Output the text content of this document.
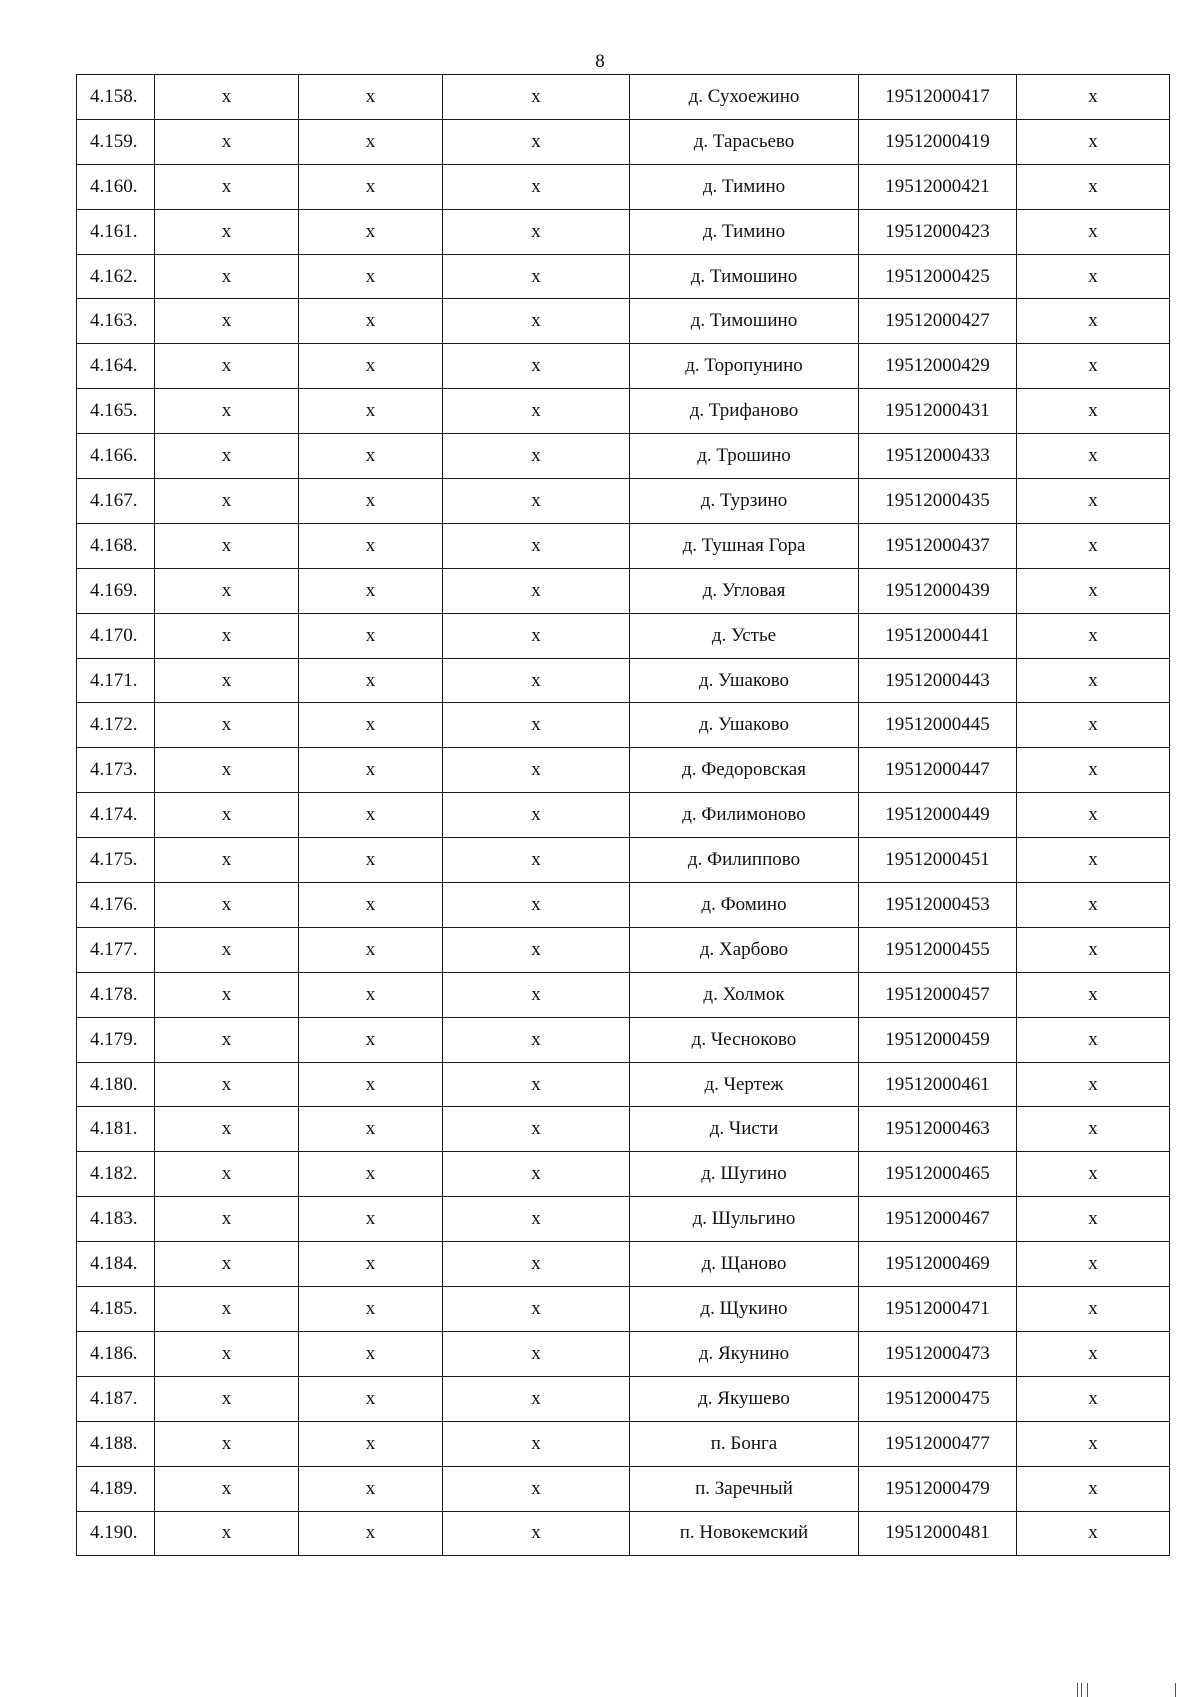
8
4.158.	х	х	х	д. Сухоежино	19512000417	х
4.159.	х	х	х	д. Тарасьево	19512000419	х
4.160.	х	х	х	д. Тимино	19512000421	х
4.161.	х	х	х	д. Тимино	19512000423	х
4.162.	х	х	х	д. Тимошино	19512000425	х
4.163.	х	х	х	д. Тимошино	19512000427	х
4.164.	х	х	х	д. Торопунино	19512000429	х
4.165.	х	х	х	д. Трифаново	19512000431	х
4.166.	х	х	х	д. Трошино	19512000433	х
4.167.	х	х	х	д. Турзино	19512000435	х
4.168.	х	х	х	д. Тушная Гора	19512000437	х
4.169.	х	х	х	д. Угловая	19512000439	х
4.170.	х	х	х	д. Устье	19512000441	х
4.171.	х	х	х	д. Ушаково	19512000443	х
4.172.	х	х	х	д. Ушаково	19512000445	х
4.173.	х	х	х	д. Федоровская	19512000447	х
4.174.	х	х	х	д. Филимоново	19512000449	х
4.175.	х	х	х	д. Филиппово	19512000451	х
4.176.	х	х	х	д. Фомино	19512000453	х
4.177.	х	х	х	д. Харбово	19512000455	х
4.178.	х	х	х	д. Холмок	19512000457	х
4.179.	х	х	х	д. Чесноково	19512000459	х
4.180.	х	х	х	д. Чертеж	19512000461	х
4.181.	х	х	х	д. Чисти	19512000463	х
4.182.	х	х	х	д. Шугино	19512000465	х
4.183.	х	х	х	д. Шульгино	19512000467	х
4.184.	х	х	х	д. Щаново	19512000469	х
4.185.	х	х	х	д. Щукино	19512000471	х
4.186.	х	х	х	д. Якунино	19512000473	х
4.187.	х	х	х	д. Якушево	19512000475	х
4.188.	х	х	х	п. Бонга	19512000477	х
4.189.	х	х	х	п. Заречный	19512000479	х
4.190.	х	х	х	п. Новокемский	19512000481	х
